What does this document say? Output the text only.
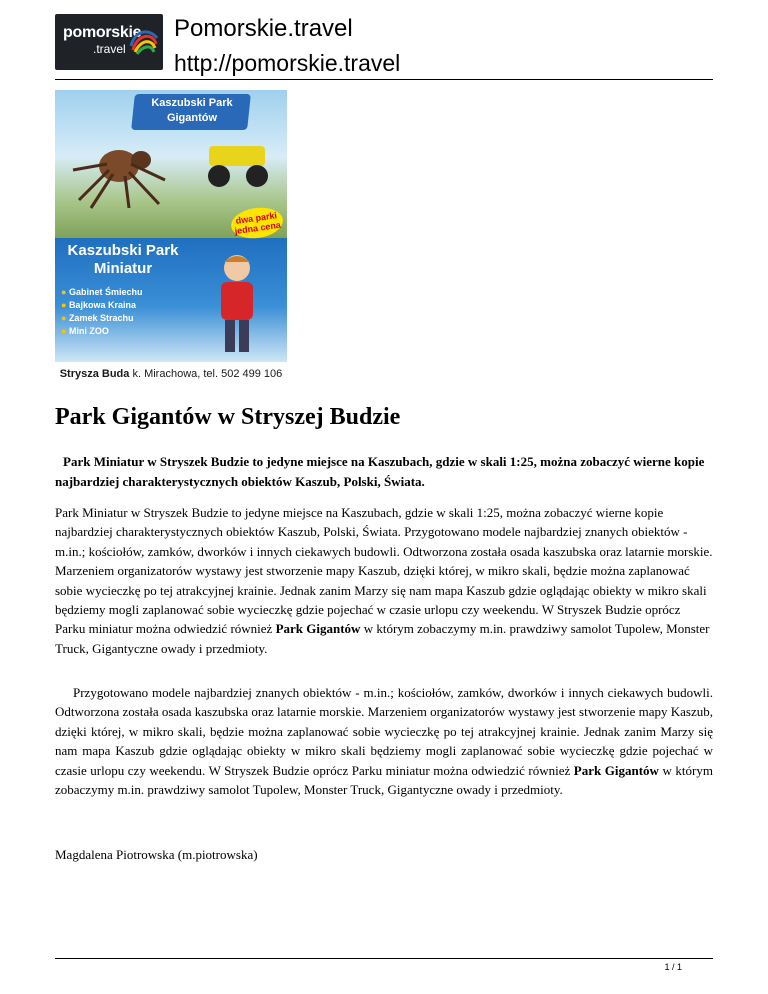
pomorskie
.travel
Pomorskie.travel
http://pomorskie.travel
Kaszubski Park Gigantów
dwa parki jedna cena
Kaszubski Park Miniatur
● Gabinet Śmiechu
● Bajkowa Kraina
● Zamek Strachu
● Mini ZOO
Stryszа Buda k. Mirachowa, tel. 502 499 106
Park Gigantów w Stryszej Budzie

Park Miniatur w Stryszek Budzie to jedyne miejsce na Kaszubach, gdzie w skali 1:25, można zobaczyć wierne kopie najbardziej charakterystycznych obiektów Kaszub, Polski, Świata.

Park Miniatur w Stryszek Budzie to jedyne miejsce na Kaszubach, gdzie w skali 1:25, można zobaczyć wierne kopie najbardziej charakterystycznych obiektów Kaszub, Polski, Świata. Przygotowano modele najbardziej znanych obiektów - m.in.; kościołów, zamków, dworków i innych ciekawych budowli. Odtworzona została osada kaszubska oraz latarnie morskie. Marzeniem organizatorów wystawy jest stworzenie mapy Kaszub, dzięki której, w mikro skali, będzie można zaplanować sobie wycieczkę po tej atrakcyjnej krainie. Jednak zanim Marzy się nam mapa Kaszub gdzie oglądając obiekty w mikro skali będziemy mogli zaplanować sobie wycieczkę gdzie pojechać w czasie urlopu czy weekendu. W Stryszek Budzie oprócz Parku miniatur można odwiedzić również Park Gigantów w którym zobaczymy m.in. prawdziwy samolot Tupolew, Monster Truck, Gigantyczne owady i przedmioty.

Przygotowano modele najbardziej znanych obiektów - m.in.; kościołów, zamków, dworków i innych ciekawych budowli. Odtworzona została osada kaszubska oraz latarnie morskie. Marzeniem organizatorów wystawy jest stworzenie mapy Kaszub, dzięki której, w mikro skali, będzie można zaplanować sobie wycieczkę po tej atrakcyjnej krainie. Jednak zanim Marzy się nam mapa Kaszub gdzie oglądając obiekty w mikro skali będziemy mogli zaplanować sobie wycieczkę gdzie pojechać w czasie urlopu czy weekendu. W Stryszek Budzie oprócz Parku miniatur można odwiedzić również Park Gigantów w którym zobaczymy m.in. prawdziwy samolot Tupolew, Monster Truck, Gigantyczne owady i przedmioty.

Magdalena Piotrowska (m.piotrowska)

1 / 1
